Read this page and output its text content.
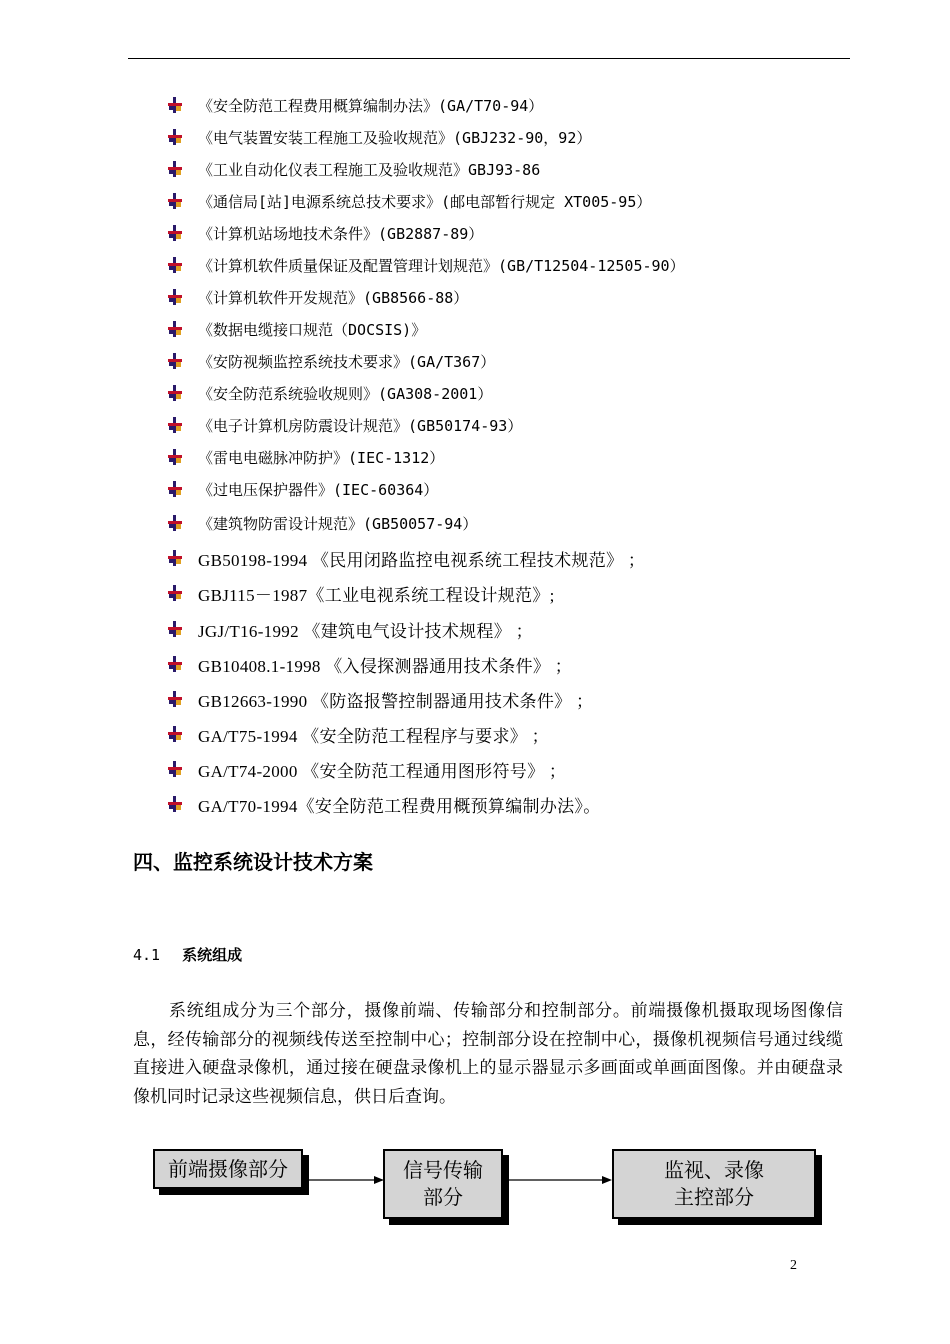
《安全防范工程费用概算编制办法》(GA/T70-94）
《电气装置安装工程施工及验收规范》(GBJ232-90，92）
《工业自动化仪表工程施工及验收规范》GBJ93-86
《通信局[站]电源系统总技术要求》(邮电部暂行规定 XT005-95）
《计算机站场地技术条件》(GB2887-89）
《计算机软件质量保证及配置管理计划规范》(GB/T12504-12505-90）
《计算机软件开发规范》(GB8566-88）
《数据电缆接口规范（DOCSIS)》
《安防视频监控系统技术要求》(GA/T367）
《安全防范系统验收规则》(GA308-2001）
《电子计算机房防震设计规范》(GB50174-93）
《雷电电磁脉冲防护》(IEC-1312）
《过电压保护器件》(IEC-60364）
《建筑物防雷设计规范》(GB50057-94）
GB50198-1994 《民用闭路监控电视系统工程技术规范》 ；
GBJ115－1987《工业电视系统工程设计规范》;
JGJ/T16-1992 《建筑电气设计技术规程》 ；
GB10408.1-1998 《入侵探测器通用技术条件》 ；
GB12663-1990 《防盗报警控制器通用技术条件》 ；
GA/T75-1994 《安全防范工程程序与要求》 ；
GA/T74-2000 《安全防范工程通用图形符号》 ；
GA/T70-1994《安全防范工程费用概预算编制办法》。
四、监控系统设计技术方案
4.1 系统组成
系统组成分为三个部分，摄像前端、传输部分和控制部分。前端摄像机摄取现场图像信息，经传输部分的视频线传送至控制中心；控制部分设在控制中心，摄像机视频信号通过线缆直接进入硬盘录像机，通过接在硬盘录像机上的显示器显示多画面或单画面图像。并由硬盘录像机同时记录这些视频信息，供日后查询。
前端摄像部分	信号传输
部分
监视、录像
主控部分
2
